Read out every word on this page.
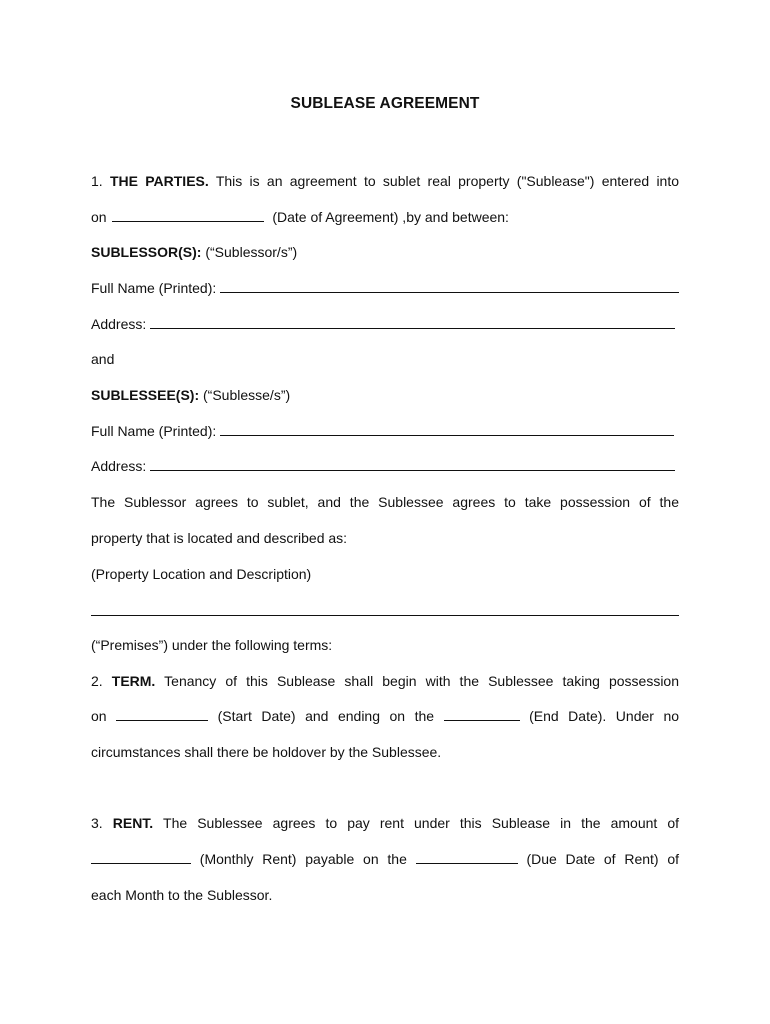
SUBLEASE AGREEMENT
1. THE PARTIES. This is an agreement to sublet real property ("Sublease") entered into
on	(Date of Agreement) ,by and between:
SUBLESSOR(S): (“Sublessor/s”)
Full Name (Printed):
Address:
and
SUBLESSEE(S): (“Sublesse/s”)
Full Name (Printed):
Address:
The Sublessor agrees to sublet, and the Sublessee agrees to take possession of the
property that is located and described as:
(Property Location and Description)
(“Premises”) under the following terms:
2. TERM. Tenancy of this Sublease shall begin with the Sublessee taking possession
on	(Start Date) and ending on the	(End Date). Under no
circumstances shall there be holdover by the Sublessee.
3. RENT. The Sublessee agrees to pay rent under this Sublease in the amount of
(Monthly Rent) payable on the	(Due Date of Rent) of
each Month to the Sublessor.
